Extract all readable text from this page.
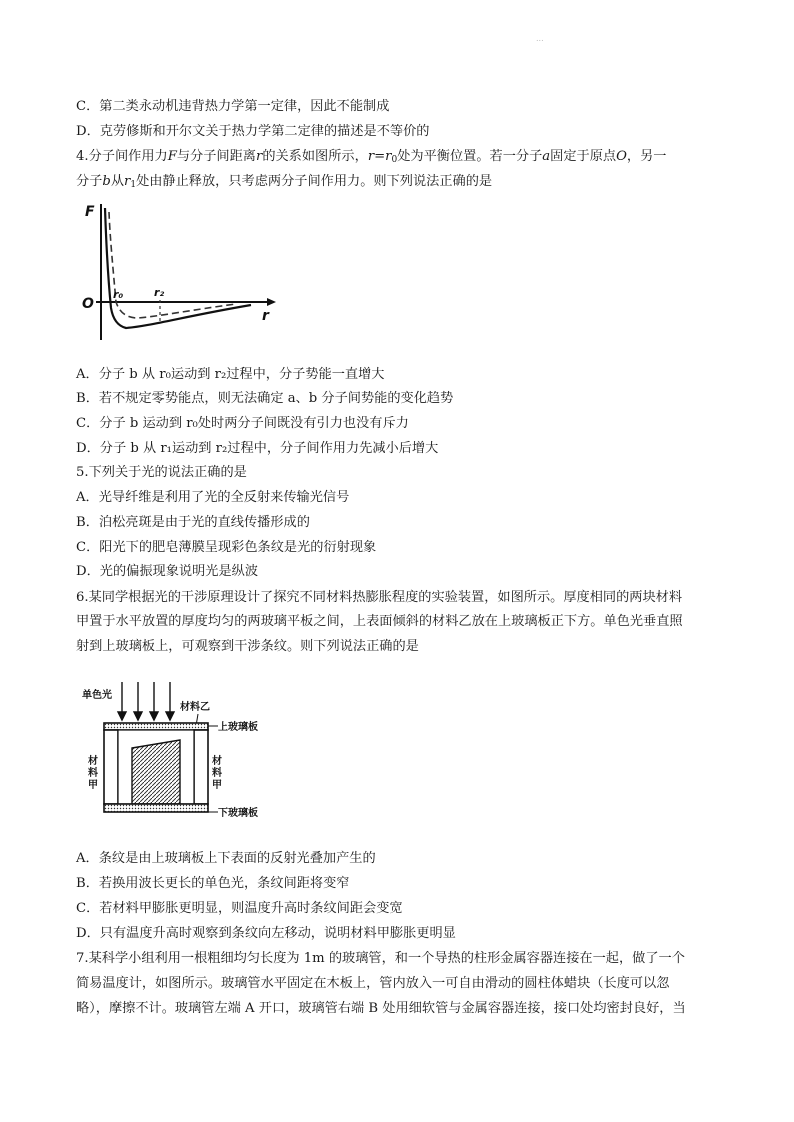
...
C．第二类永动机违背热力学第一定律，因此不能制成
D．克劳修斯和开尔文关于热力学第二定律的描述是不等价的
4.分子间作用力F与分子间距离r的关系如图所示，$r=r_0$处为平衡位置。若一分子a固定于原点O，另一
分子b从$r_1$处由静止释放，只考虑两分子间作用力。则下列说法正确的是
F
r
O
r₀	r₂
A．分子 b 从 r₀运动到 r₂过程中，分子势能一直增大
B．若不规定零势能点，则无法确定 a、b 分子间势能的变化趋势
C．分子 b 运动到 r₀处时两分子间既没有引力也没有斥力
D．分子 b 从 r₁运动到 r₂过程中，分子间作用力先减小后增大
5.下列关于光的说法正确的是
A．光导纤维是利用了光的全反射来传输光信号
B．泊松亮斑是由于光的直线传播形成的
C．阳光下的肥皂薄膜呈现彩色条纹是光的衍射现象
D．光的偏振现象说明光是纵波
6.某同学根据光的干涉原理设计了探究不同材料热膨胀程度的实验装置，如图所示。厚度相同的两块材料
甲置于水平放置的厚度均匀的两玻璃平板之间，上表面倾斜的材料乙放在上玻璃板正下方。单色光垂直照
射到上玻璃板上，可观察到干涉条纹。则下列说法正确的是
单色光
材料乙
上玻璃板
下玻璃板
材
料
甲
材
料
甲
A．条纹是由上玻璃板上下表面的反射光叠加产生的
B．若换用波长更长的单色光，条纹间距将变窄
C．若材料甲膨胀更明显，则温度升高时条纹间距会变宽
D．只有温度升高时观察到条纹向左移动，说明材料甲膨胀更明显
7.某科学小组利用一根粗细均匀长度为 1m 的玻璃管，和一个导热的柱形金属容器连接在一起，做了一个
简易温度计，如图所示。玻璃管水平固定在木板上，管内放入一可自由滑动的圆柱体蜡块（长度可以忽
略），摩擦不计。玻璃管左端 A 开口，玻璃管右端 B 处用细软管与金属容器连接，接口处均密封良好，当
